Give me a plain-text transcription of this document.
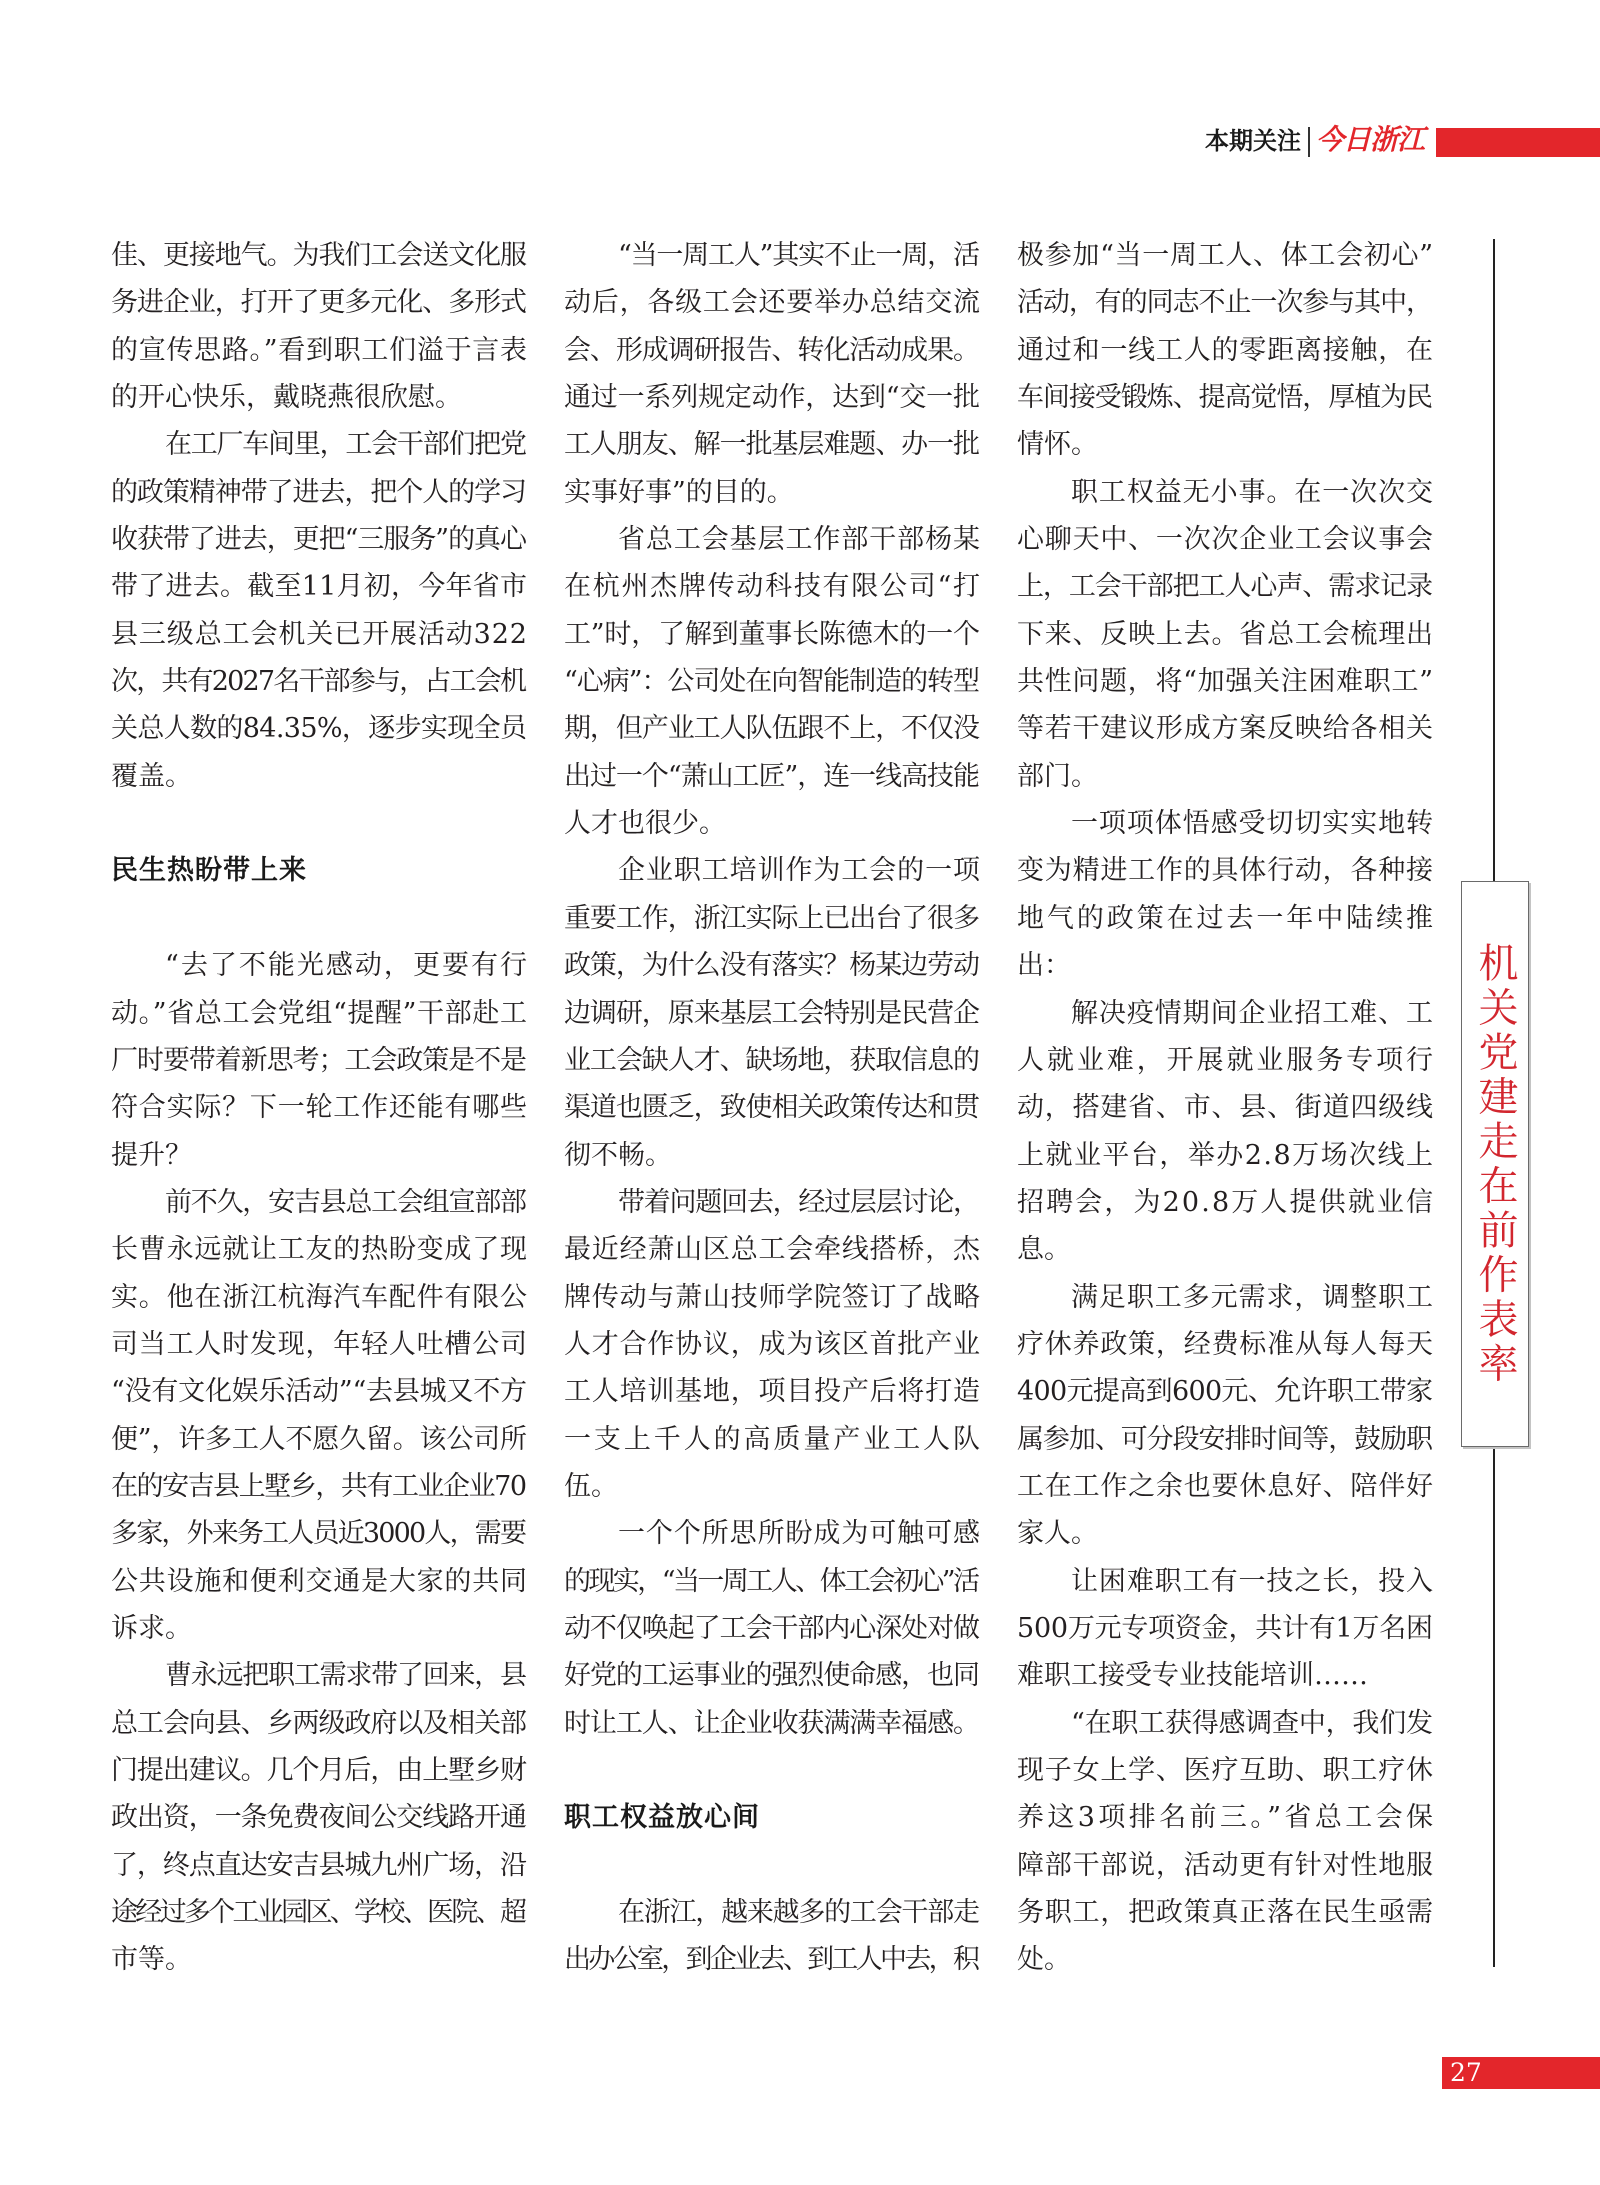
本期关注 今日浙江
佳、更接地气。为我们工会送文化服
务进企业，打开了更多元化、多形式
的宣传思路。”看到职工们溢于言表
的开心快乐，戴晓燕很欣慰。
在工厂车间里，工会干部们把党
的政策精神带了进去，把个人的学习
收获带了进去，更把“三服务”的真心
带了进去。截至11月初，今年省市
县三级总工会机关已开展活动322
次，共有2027名干部参与，占工会机
关总人数的84.35%，逐步实现全员
覆盖。
民生热盼带上来
“去了不能光感动，更要有行
动。”省总工会党组“提醒”干部赴工
厂时要带着新思考；工会政策是不是
符合实际？下一轮工作还能有哪些
提升？
前不久，安吉县总工会组宣部部
长曹永远就让工友的热盼变成了现
实。他在浙江杭海汽车配件有限公
司当工人时发现，年轻人吐槽公司
“没有文化娱乐活动”“去县城又不方
便”，许多工人不愿久留。该公司所
在的安吉县上墅乡，共有工业企业70
多家，外来务工人员近3000人，需要
公共设施和便利交通是大家的共同
诉求。
曹永远把职工需求带了回来，县
总工会向县、乡两级政府以及相关部
门提出建议。几个月后，由上墅乡财
政出资，一条免费夜间公交线路开通
了，终点直达安吉县城九州广场，沿
途经过多个工业园区、学校、医院、超
市等。
“当一周工人”其实不止一周，活
动后，各级工会还要举办总结交流
会、形成调研报告、转化活动成果。
通过一系列规定动作，达到“交一批
工人朋友、解一批基层难题、办一批
实事好事”的目的。
省总工会基层工作部干部杨某
在杭州杰牌传动科技有限公司“打
工”时，了解到董事长陈德木的一个
“心病”：公司处在向智能制造的转型
期，但产业工人队伍跟不上，不仅没
出过一个“萧山工匠”，连一线高技能
人才也很少。
企业职工培训作为工会的一项
重要工作，浙江实际上已出台了很多
政策，为什么没有落实？杨某边劳动
边调研，原来基层工会特别是民营企
业工会缺人才、缺场地，获取信息的
渠道也匮乏，致使相关政策传达和贯
彻不畅。
带着问题回去，经过层层讨论，
最近经萧山区总工会牵线搭桥，杰
牌传动与萧山技师学院签订了战略
人才合作协议，成为该区首批产业
工人培训基地，项目投产后将打造
一支上千人的高质量产业工人队
伍。
一个个所思所盼成为可触可感
的现实，“当一周工人、体工会初心”活
动不仅唤起了工会干部内心深处对做
好党的工运事业的强烈使命感，也同
时让工人、让企业收获满满幸福感。
职工权益放心间
在浙江，越来越多的工会干部走
出办公室，到企业去、到工人中去，积
极参加“当一周工人、体工会初心”
活动，有的同志不止一次参与其中，
通过和一线工人的零距离接触，在
车间接受锻炼、提高觉悟，厚植为民
情怀。
职工权益无小事。在一次次交
心聊天中、一次次企业工会议事会
上，工会干部把工人心声、需求记录
下来、反映上去。省总工会梳理出
共性问题，将“加强关注困难职工”
等若干建议形成方案反映给各相关
部门。
一项项体悟感受切切实实地转
变为精进工作的具体行动，各种接
地气的政策在过去一年中陆续推
出：
解决疫情期间企业招工难、工
人就业难，开展就业服务专项行
动，搭建省、市、县、街道四级线
上就业平台，举办2.8万场次线上
招聘会，为20.8万人提供就业信
息。
满足职工多元需求，调整职工
疗休养政策，经费标准从每人每天
400元提高到600元、允许职工带家
属参加、可分段安排时间等，鼓励职
工在工作之余也要休息好、陪伴好
家人。
让困难职工有一技之长，投入
500万元专项资金，共计有1万名困
难职工接受专业技能培训……
“在职工获得感调查中，我们发
现子女上学、医疗互助、职工疗休
养这3项排名前三。”省总工会保
障部干部说，活动更有针对性地服
务职工，把政策真正落在民生亟需
处。
机关党建走在前作表率
27
